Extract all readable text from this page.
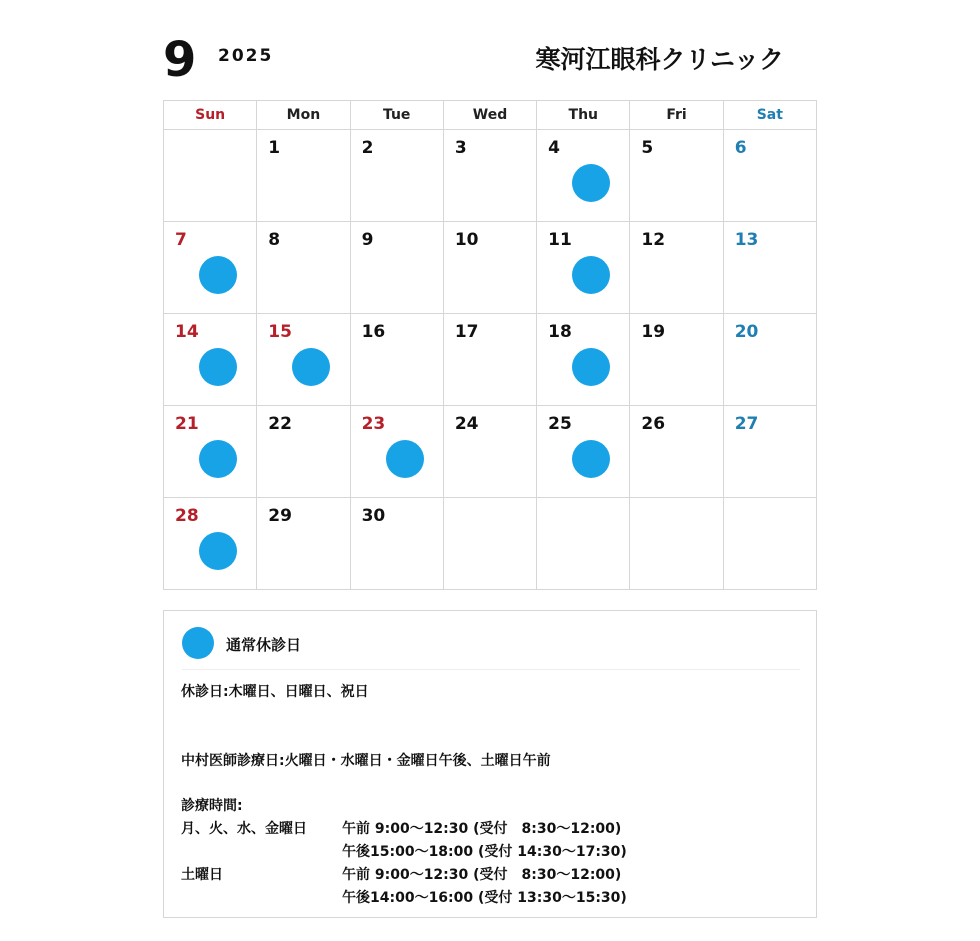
9 2025	寒河江眼科クリニック
Sun	Mon	Tue	Wed	Thu	Fri	Sat

	1	2	3	4	5	6

7	8	9	10	11	12	13

14	15	16	17	18	19	20

21	22	23	24	25	26	27

28	29	30				

通常休診日
休診日:木曜日、日曜日、祝日
中村医師診療日:火曜日・水曜日・金曜日午後、土曜日午前
診療時間:
月、火、水、金曜日	午前 9:00〜12:30 (受付　8:30〜12:00)
午後15:00〜18:00 (受付 14:30〜17:30)
土曜日	午前 9:00〜12:30 (受付　8:30〜12:00)
午後14:00〜16:00 (受付 13:30〜15:30)
